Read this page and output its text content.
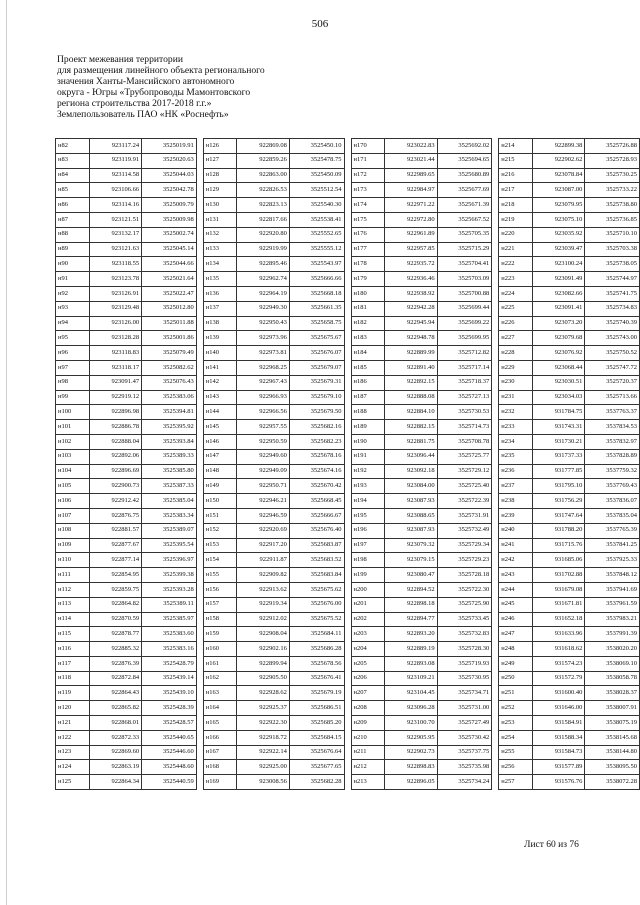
506
Проект межевания территории
для размещения линейного объекта регионального
значения Ханты-Мансийского автономного
округа - Югры «Трубопроводы Мамонтовского
региона строительства 2017-2018 г.г.»
Землепользователь ПАО «НК «Роснефть»
н82	923117.24	3525019.91
н83	923119.91	3525020.63
н84	923114.58	3525044.03
н85	923106.66	3525042.78
н86	923114.16	3525009.79
н87	923121.51	3525009.98
н88	923132.17	3525002.74
н89	923121.63	3525045.14
н90	923118.55	3525044.66
н91	923123.78	3525021.64
н92	923126.91	3525022.47
н93	923129.48	3525012.80
н94	923126.00	3525011.88
н95	923128.28	3525001.86
н96	923118.83	3525079.49
н97	923118.17	3525082.62
н98	923091.47	3525076.43
н99	922919.12	3525383.06
н100	922896.98	3525394.81
н101	922886.78	3525395.92
н102	922888.04	3525393.84
н103	922892.06	3525389.33
н104	922896.69	3525385.80
н105	922900.73	3525387.33
н106	922912.42	3525385.04
н107	922876.75	3525383.34
н108	922881.57	3525389.07
н109	922877.67	3525395.54
н110	922877.14	3525396.97
н111	922854.95	3525399.38
н112	922859.75	3525393.28
н113	922864.82	3525389.11
н114	922870.59	3525385.97
н115	922878.77	3525383.60
н116	922885.32	3525383.16
н117	922876.39	3525428.79
н118	922872.84	3525439.14
н119	922864.43	3525439.10
н120	922865.82	3525428.39
н121	922868.01	3525428.57
н122	922872.33	3525440.65
н123	922869.60	3525446.60
н124	922863.19	3525448.60
н125	922864.34	3525440.59
н126	922869.08	3525450.10
н127	922859.26	3525478.75
н128	922863.00	3525450.09
н129	922826.53	3525512.54
н130	922823.13	3525540.30
н131	922817.66	3525538.41
н132	922920.80	3525552.65
н133	922919.99	3525555.12
н134	922895.46	3525543.97
н135	922962.74	3525666.66
н136	922964.19	3525668.18
н137	922949.30	3525661.35
н138	922950.43	3525658.75
н139	922973.96	3525675.67
н140	922973.81	3525676.07
н141	922968.25	3525679.07
н142	922967.43	3525679.31
н143	922966.93	3525679.10
н144	922966.56	3525679.50
н145	922957.55	3525682.16
н146	922950.59	3525682.23
н147	922949.60	3525678.16
н148	922949.09	3525674.16
н149	922950.71	3525670.42
н150	922946.21	3525668.45
н151	922946.59	3525666.67
н152	922920.69	3525676.40
н153	922917.20	3525683.87
н154	922911.87	3525683.52
н155	922909.82	3525683.84
н156	922913.62	3525675.62
н157	922919.34	3525676.00
н158	922912.02	3525675.52
н159	922908.04	3525684.11
н160	922902.16	3525686.28
н161	922899.94	3525678.56
н162	922905.50	3525676.41
н163	922928.62	3525679.19
н164	922925.37	3525686.51
н165	922922.30	3525685.20
н166	922918.72	3525684.15
н167	922922.14	3525676.64
н168	922925.00	3525677.65
н169	923008.56	3525682.28
н170	923022.83	3525692.02
н171	923021.44	3525694.65
н172	922989.65	3525680.89
н173	922984.97	3525677.69
н174	922971.22	3525671.39
н175	922972.80	3525667.52
н176	922961.89	3525705.35
н177	922957.85	3525715.29
н178	922935.72	3525704.41
н179	922936.46	3525703.09
н180	922938.92	3525700.88
н181	922942.28	3525699.44
н182	922945.94	3525699.22
н183	922948.78	3525699.95
н184	922889.99	3525712.82
н185	922891.40	3525717.14
н186	922892.15	3525718.37
н187	922888.08	3525727.13
н188	922884.10	3525730.53
н189	922882.15	3525714.73
н190	922881.75	3525708.78
н191	923096.44	3525725.77
н192	923092.18	3525729.12
н193	923084.00	3525725.40
н194	923087.93	3525722.39
н195	923088.65	3525731.91
н196	923087.93	3525732.49
н197	923079.32	3525729.34
н198	923079.15	3525729.23
н199	923080.47	3525728.18
н200	922894.52	3525722.30
н201	922898.18	3525725.90
н202	922894.77	3525733.45
н203	922893.20	3525732.83
н204	922889.19	3525728.30
н205	922893.08	3525719.93
н206	923109.21	3525730.95
н207	923104.45	3525734.71
н208	923096.28	3525731.00
н209	923100.70	3525727.49
н210	922905.95	3525730.42
н211	922902.73	3525737.75
н212	922898.83	3525735.98
н213	922896.05	3525734.24
н214	922899.38	3525726.88
н215	922902.62	3525728.93
н216	923078.84	3525730.25
н217	923087.00	3525733.22
н218	923079.95	3525738.80
н219	923075.10	3525736.85
н220	923035.92	3525710.10
н221	923039.47	3525703.38
н222	923100.24	3525738.05
н223	923091.49	3525744.97
н224	923082.66	3525741.75
н225	923091.41	3525734.83
н226	923073.20	3525740.39
н227	923079.68	3525743.00
н228	923076.92	3525750.52
н229	923068.44	3525747.72
н230	923030.51	3525720.37
н231	923034.03	3525713.66
н232	931784.75	3537763.37
н233	931743.31	3537834.53
н234	931730.21	3537832.97
н235	931737.33	3537828.89
н236	931777.85	3537759.32
н237	931795.10	3537769.43
н238	931756.29	3537836.07
н239	931747.64	3537835.04
н240	931788.20	3537765.39
н241	931715.76	3537841.25
н242	931685.06	3537925.33
н243	931702.88	3537848.12
н244	931679.08	3537941.69
н245	931671.81	3537961.59
н246	931652.18	3537983.21
н247	931633.96	3537991.39
н248	931618.62	3538020.20
н249	931574.23	3538069.10
н250	931572.79	3538058.78
н251	931600.40	3538028.37
н252	931646.00	3538007.91
н253	931584.91	3538075.19
н254	931588.34	3538145.68
н255	931584.73	3538144.80
н256	931577.89	3538095.50
н257	931576.76	3538072.28
Лист 60 из 76
